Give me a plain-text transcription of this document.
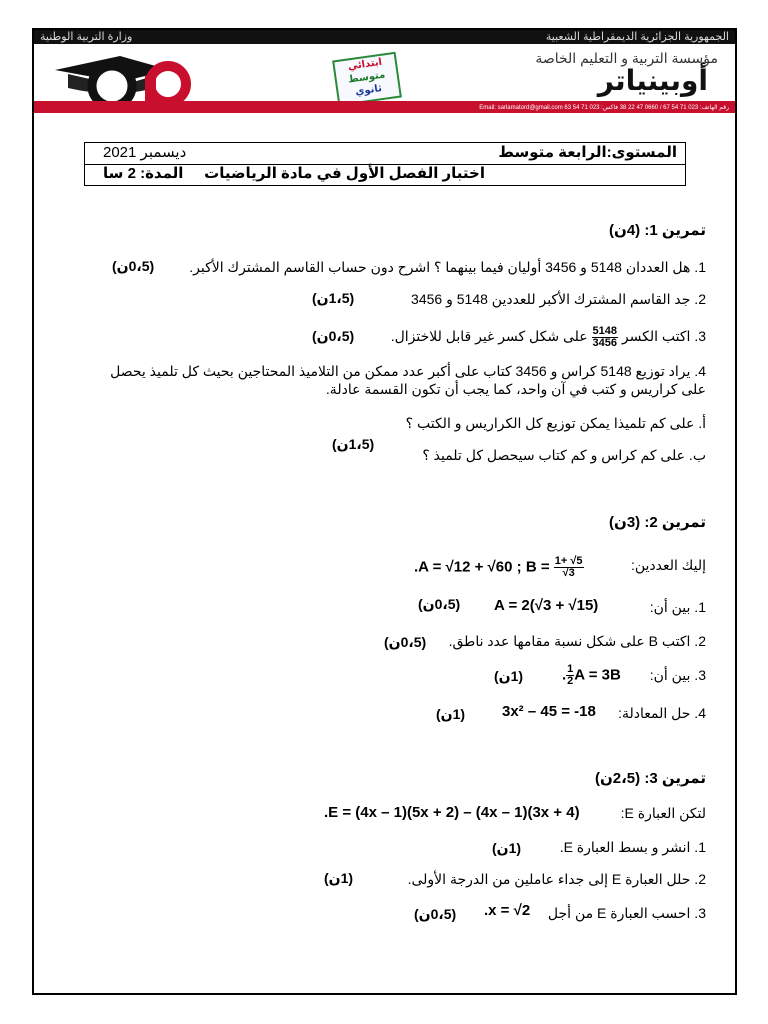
وزارة التربية الوطنية	الجمهورية الجزائرية الديمقراطية الشعبية
ابتدائي
متوسط
ثانوي
مؤسسة التربية و التعليم الخاصة
أوبينياتر
رقم الهاتف: 023 71 54 67 / 0660 47 22 38 فاكس: 023 71 54 63 Email: sarlamatord@gmail.com
المستوى:الرابعة متوسط
ديسمبر 2021
اختبار الفصل الأول في مادة الرياضيات
المدة: 2 سا
تمرين 1: (4ن)
1. هل العددان 5148 و 3456 أوليان فيما بينهما ؟ اشرح دون حساب القاسم المشترك الأكبر.
(0،5ن)
2. جد القاسم المشترك الأكبر للعددين 5148 و 3456
(1،5ن)
3. اكتب الكسر
$\frac{5148}{3456}$
على شكل كسر غير قابل للاختزال.
(0،5ن)
4. يراد توزيع 5148 كراس و 3456 كتاب على أكبر عدد ممكن من التلاميذ المحتاجين بحيث كل تلميذ يحصل
على كراريس و كتب في آن واحد، كما يجب أن تكون القسمة عادلة.
أ. على كم تلميذا يمكن توزيع كل الكراريس و الكتب ؟
(1،5ن)
ب. على كم كراس و كم كتاب سيحصل كل تلميذ ؟
تمرين 2: (3ن)
إليك العددين:
.A = √12 + √60 ; $B = \frac{1+ √5}{√3}$
1. بين أن:
A = 2(√3 + √15)
(0،5ن)
2. اكتب B على شكل نسبة مقامها عدد ناطق.
(0،5ن)
3. بين أن:
. $\frac{1}{2}$ A = 3B
(1ن)
4. حل المعادلة:
3x² – 45 = -18
(1ن)
تمرين 3: (2،5ن)
لتكن العبارة E:
.E = (4x – 1)(5x + 2) – (4x – 1)(3x + 4)
1. انشر و بسط العبارة E.
(1ن)
2. حلل العبارة E إلى جداء عاملين من الدرجة الأولى.
(1ن)
3. احسب العبارة E من أجل
.x = √2
(0،5ن)
